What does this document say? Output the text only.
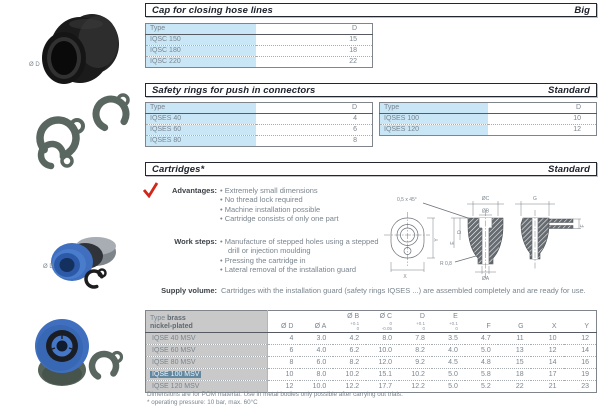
Ø D
Ø D
Cap for closing hose lines	Big
Type	D
IQSC 150	15
IQSC 180	18
IQSC 220	22
Safety rings for push in connectors	Standard
Type	D
IQSES 40	4
IQSES 60	6
IQSES 80	8
Type	D
IQSES 100	10
IQSES 120	12
Cartridges*	Standard
Advantages:	• Extremely small dimensions
• No thread lock required
• Machine installation possible
• Cartridge consists of only one part
Work steps:	• Manufacture of stepped holes using a stepped drill or injection moulding
• Pressing the cartridge in
• Lateral removal of the installation guard
Supply volume: Cartridges with the installation guard (safety rings IQSES ...) are assembled completely and are ready for use.
0,5 x 45°	ØC
ØB
G
X
Y
D
E
R 0,8
ØA
F
Type brass
nickel-plated	Ø D	Ø A

Ø B
+0.1
0

Ø C
0
-0.05

D
+0.1
0

E
+0.1
0	F	G	X	Y

IQSE 40 MSV	4	3.0	4.2	8.0	7.8	3.5	4.7	11	10	12
IQSE 60 MSV	6	4.0	6.2	10.0	8.2	4.0	5.0	13	12	14
IQSE 80 MSV	8	6.0	8.2	12.0	9.2	4.5	4.8	15	14	16
IQSE 100 MSV	10	8.0	10.2	15.1	10.2	5.0	5.8	18	17	19
IQSE 120 MSV	12	10.0	12.2	17.7	12.2	5.0	5.2	22	21	23
Dimensions are for POM material. Use in metal bodies only possible after carrying out trials.
* operating pressure: 10 bar, max. 60°C
